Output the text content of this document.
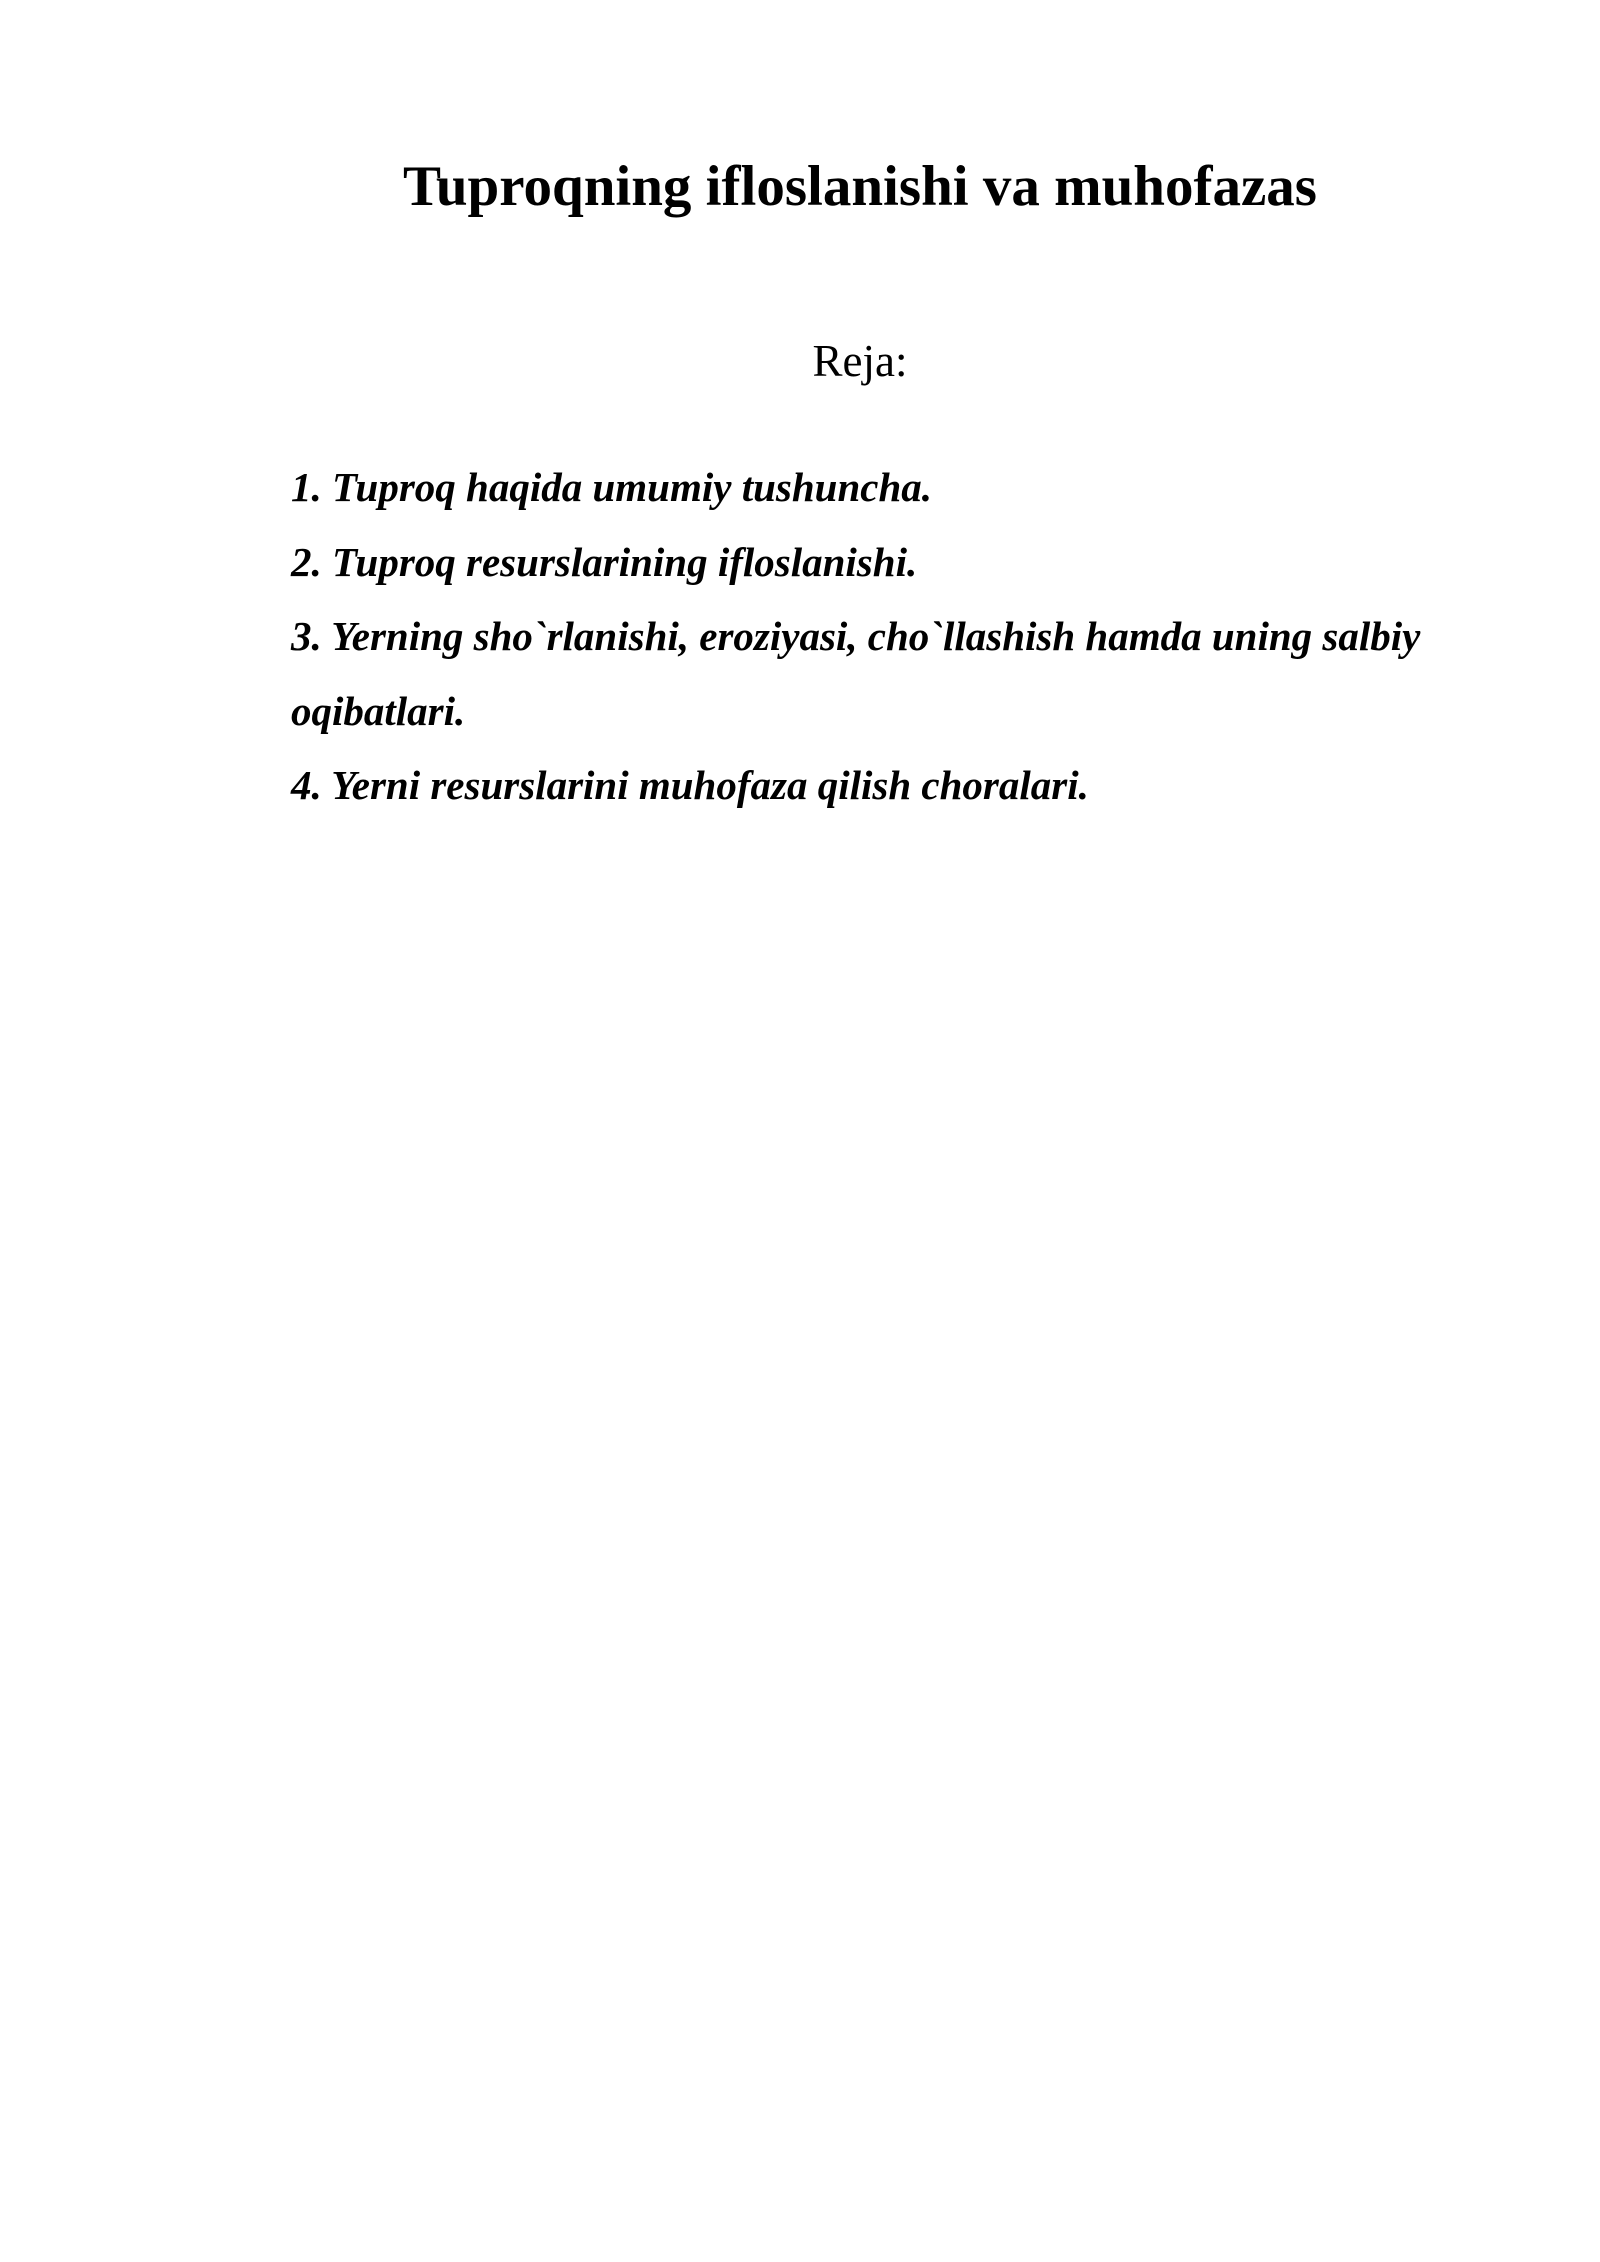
Tuproqning ifloslanishi va muhofazas

Reja:

1. Tuproq haqida umumiy tushuncha.
2. Tuproq resurslarining ifloslanishi.
3. Yerning sho`rlanishi, eroziyasi, cho`llashish hamda uning salbiy oqibatlari.
4. Yerni resurslarini muhofaza qilish choralari.
